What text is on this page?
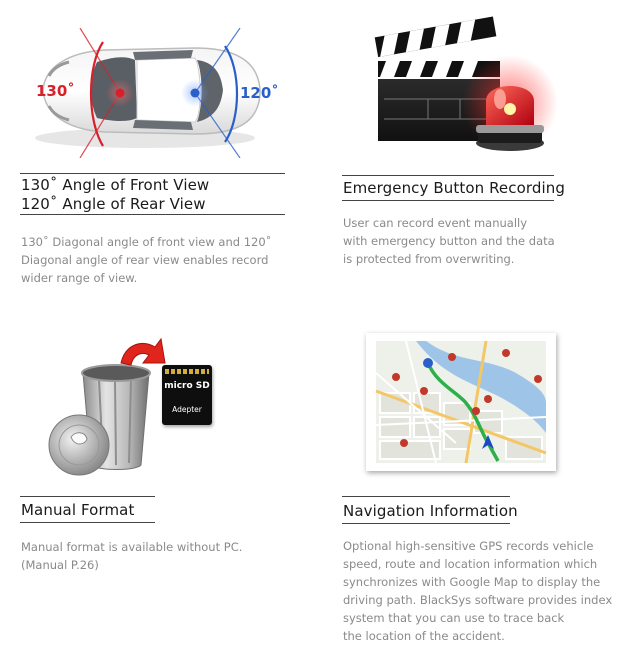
130˚	120˚
130˚ Angle of Front View
120˚ Angle of Rear View
130˚ Diagonal angle of front view and 120˚
Diagonal angle of rear view enables record
wider range of view.
Emergency Button Recording
User can record event manually
with emergency button and the data
is protected from overwriting.
micro SD
Adepter
Manual Format
Manual format is available without PC.
(Manual P.26)
Navigation Information
Optional high-sensitive GPS records vehicle
speed, route and location information which
synchronizes with Google Map to display the
driving path. BlackSys software provides index
system that you can use to trace back
the location of the accident.
